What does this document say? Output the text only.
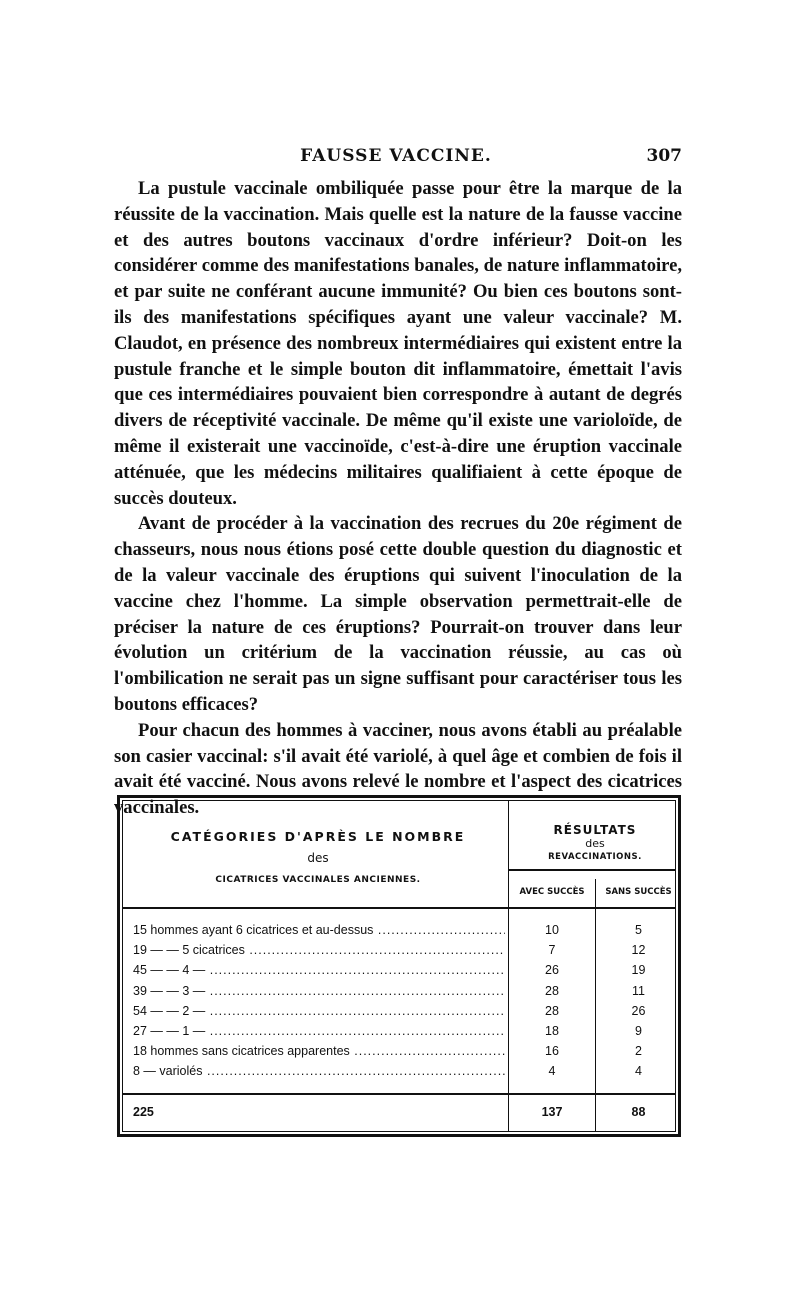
FAUSSE VACCINE.	307

La pustule vaccinale ombiliquée passe pour être la marque de la réussite de la vaccination. Mais quelle est la nature de la fausse vaccine et des autres boutons vaccinaux d'ordre inférieur? Doit-on les considérer comme des manifestations banales, de nature inflammatoire, et par suite ne conférant aucune immunité? Ou bien ces boutons sont-ils des manifestations spécifiques ayant une valeur vaccinale? M. Claudot, en présence des nombreux intermédiaires qui existent entre la pustule franche et le simple bouton dit inflammatoire, émettait l'avis que ces intermédiaires pouvaient bien correspondre à autant de degrés divers de réceptivité vaccinale. De même qu'il existe une varioloïde, de même il existerait une vaccinoïde, c'est-à-dire une éruption vaccinale atténuée, que les médecins militaires qualifiaient à cette époque de succès douteux.

Avant de procéder à la vaccination des recrues du 20e régiment de chasseurs, nous nous étions posé cette double question du diagnostic et de la valeur vaccinale des éruptions qui suivent l'inoculation de la vaccine chez l'homme. La simple observation permettrait-elle de préciser la nature de ces éruptions? Pourrait-on trouver dans leur évolution un critérium de la vaccination réussie, au cas où l'ombilication ne serait pas un signe suffisant pour caractériser tous les boutons efficaces?

Pour chacun des hommes à vacciner, nous avons établi au préalable son casier vaccinal: s'il avait été variolé, à quel âge et combien de fois il avait été vacciné. Nous avons relevé le nombre et l'aspect des cicatrices vaccinales.

CATÉGORIES D'APRÈS LE NOMBRE
des
CICATRICES VACCINALES ANCIENNES.
RÉSULTATS
des
REVACCINATIONS.
AVEC SUCCÈS	SANS SUCCÈS
15 hommes ayant 6 cicatrices et au-dessus .....	10	5
19 — — 5 cicatrices .....	7	12
45 — — 4 — .....	26	19
39 — — 3 — .....	28	11
54 — — 2 — .....	28	26
27 — — 1 — .....	18	9
18 hommes sans cicatrices apparentes .....	16	2
8 — variolés .....	4	4
225	137	88
